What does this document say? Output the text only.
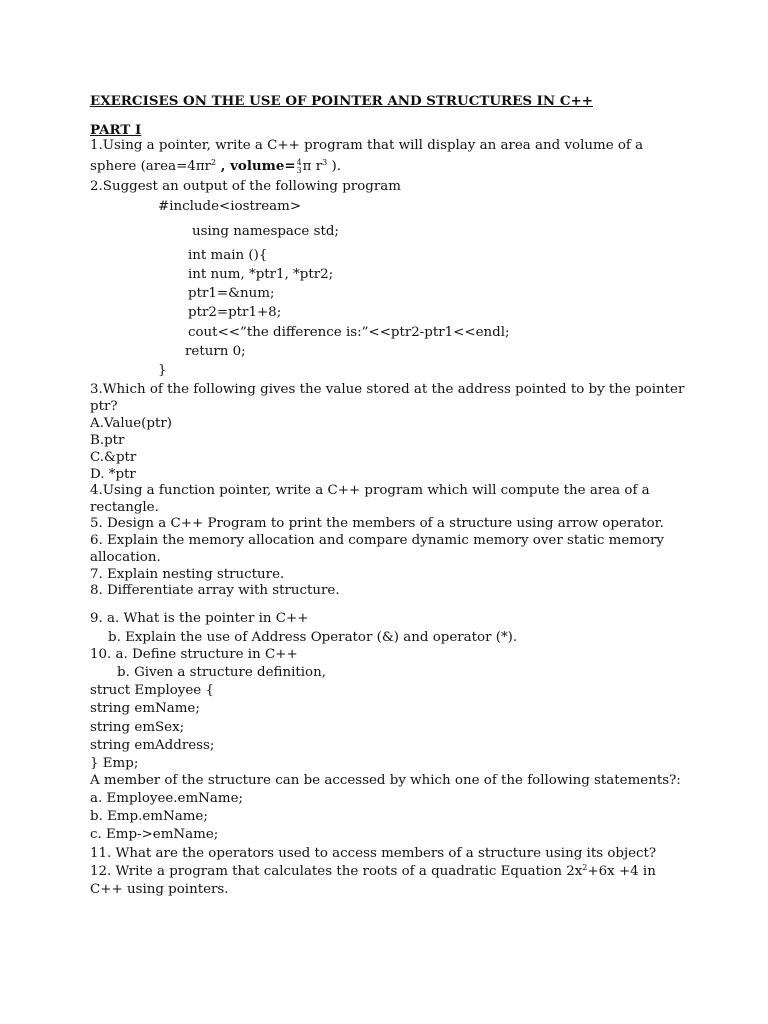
EXERCISES ON THE USE OF POINTER AND STRUCTURES IN C++
PART I
1.Using a pointer, write a C++ program that will display an area and volume of a
sphere ($area=4\pi r^2$ , volume= 4
3 π $r^3$ ).
2.Suggest an output of the following program
#include<iostream>
using namespace std;
int main (){
int num, *ptr1, *ptr2;
ptr1=&num;
ptr2=ptr1+8;
cout<<”the difference is:”<<ptr2-ptr1<<endl;
return 0;
}
3.Which of the following gives the value stored at the address pointed to by the pointer
ptr?
A.Value(ptr)
B.ptr
C.&ptr
D. *ptr
4.Using a function pointer, write a C++ program which will compute the area of a
rectangle.
5. Design a C++ Program to print the members of a structure using arrow operator.
6. Explain the memory allocation and compare dynamic memory over static memory
allocation.
7. Explain nesting structure.
8. Differentiate array with structure.
9. a. What is the pointer in C++
b. Explain the use of Address Operator (&) and operator (*).
10. a. Define structure in C++
b. Given a structure definition,
struct Employee {
string emName;
string emSex;
string emAddress;
} Emp;
A member of the structure can be accessed by which one of the following statements?:
a. Employee.emName;
b. Emp.emName;
c. Emp->emName;
11. What are the operators used to access members of a structure using its object?
12. Write a program that calculates the roots of a quadratic Equation $2x^2+6x +4$ in
C++ using pointers.
